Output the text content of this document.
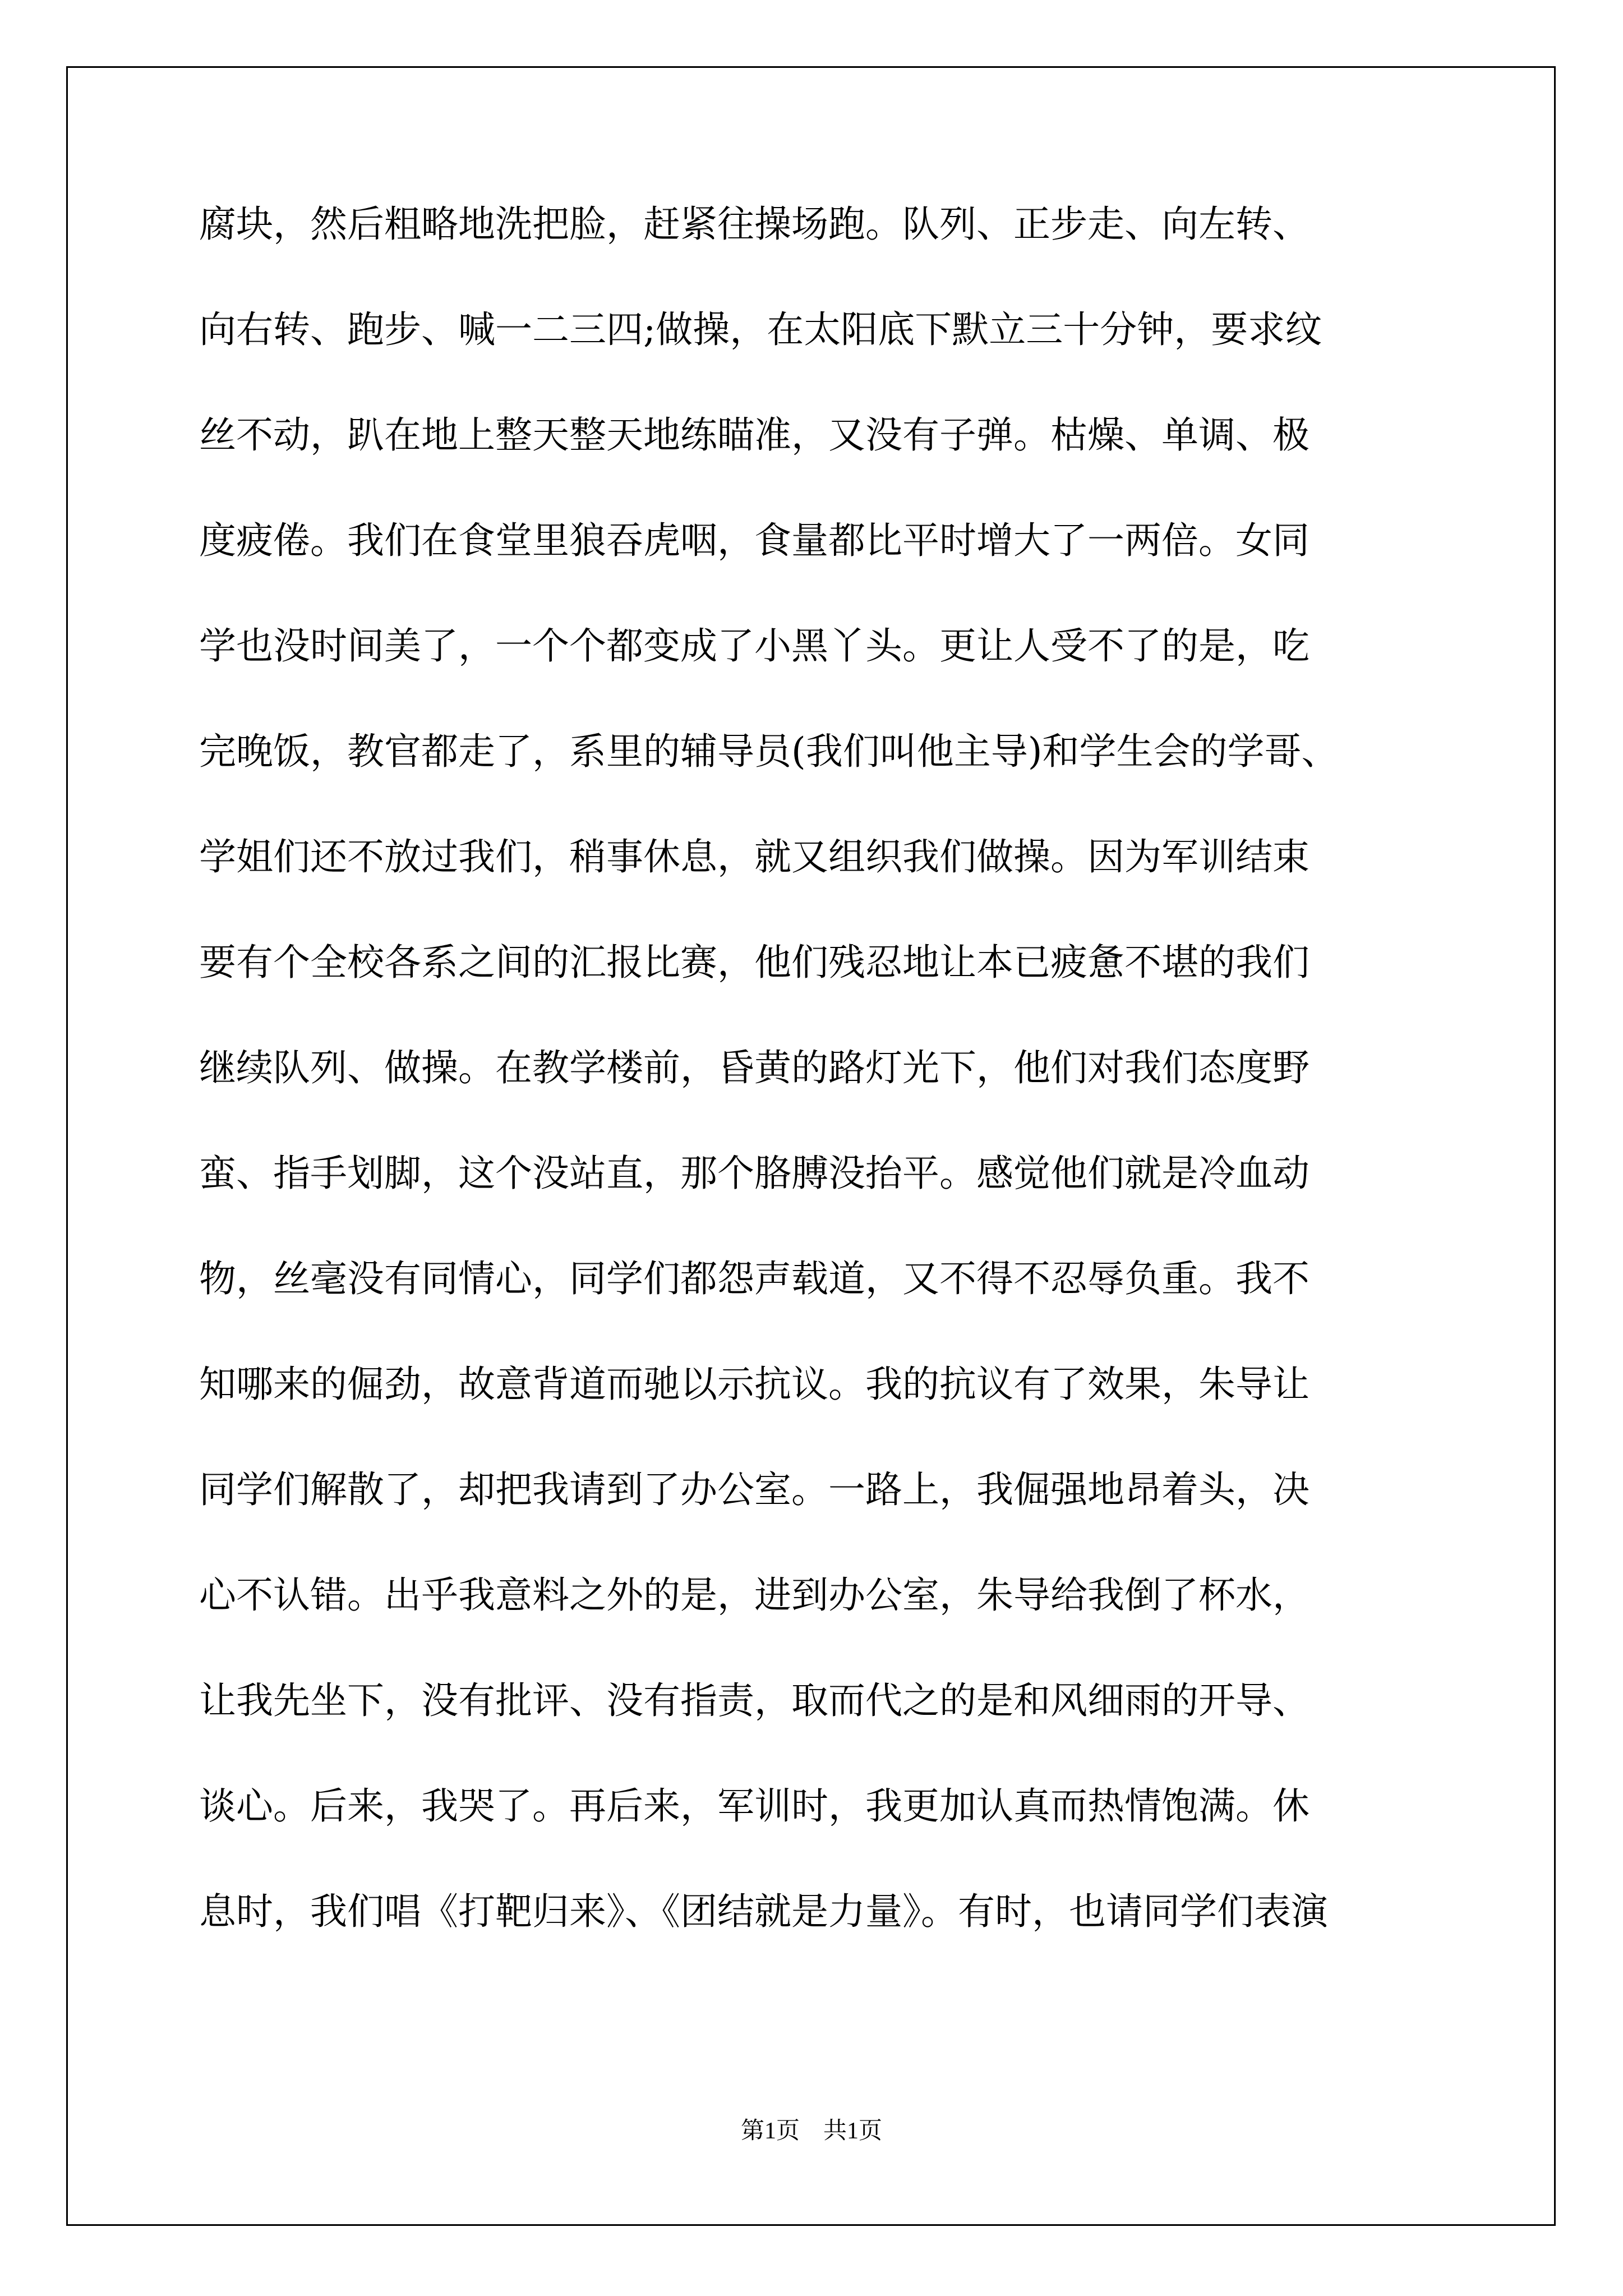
腐块，然后粗略地洗把脸，赶紧往操场跑。队列、正步走、向左转、
向右转、跑步、喊一二三四;做操，在太阳底下默立三十分钟，要求纹
丝不动，趴在地上整天整天地练瞄准，又没有子弹。枯燥、单调、极
度疲倦。我们在食堂里狼吞虎咽，食量都比平时增大了一两倍。女同
学也没时间美了，一个个都变成了小黑丫头。更让人受不了的是，吃
完晚饭，教官都走了，系里的辅导员(我们叫他主导)和学生会的学哥、
学姐们还不放过我们，稍事休息，就又组织我们做操。因为军训结束
要有个全校各系之间的汇报比赛，他们残忍地让本已疲惫不堪的我们
继续队列、做操。在教学楼前，昏黄的路灯光下，他们对我们态度野
蛮、指手划脚，这个没站直，那个胳膊没抬平。感觉他们就是冷血动
物，丝毫没有同情心，同学们都怨声载道，又不得不忍辱负重。我不
知哪来的倔劲，故意背道而驰以示抗议。我的抗议有了效果，朱导让
同学们解散了，却把我请到了办公室。一路上，我倔强地昂着头，决
心不认错。出乎我意料之外的是，进到办公室，朱导给我倒了杯水，
让我先坐下，没有批评、没有指责，取而代之的是和风细雨的开导、
谈心。后来，我哭了。再后来，军训时，我更加认真而热情饱满。休
息时，我们唱《打靶归来》、《团结就是力量》。有时，也请同学们表演
第1页　共1页
